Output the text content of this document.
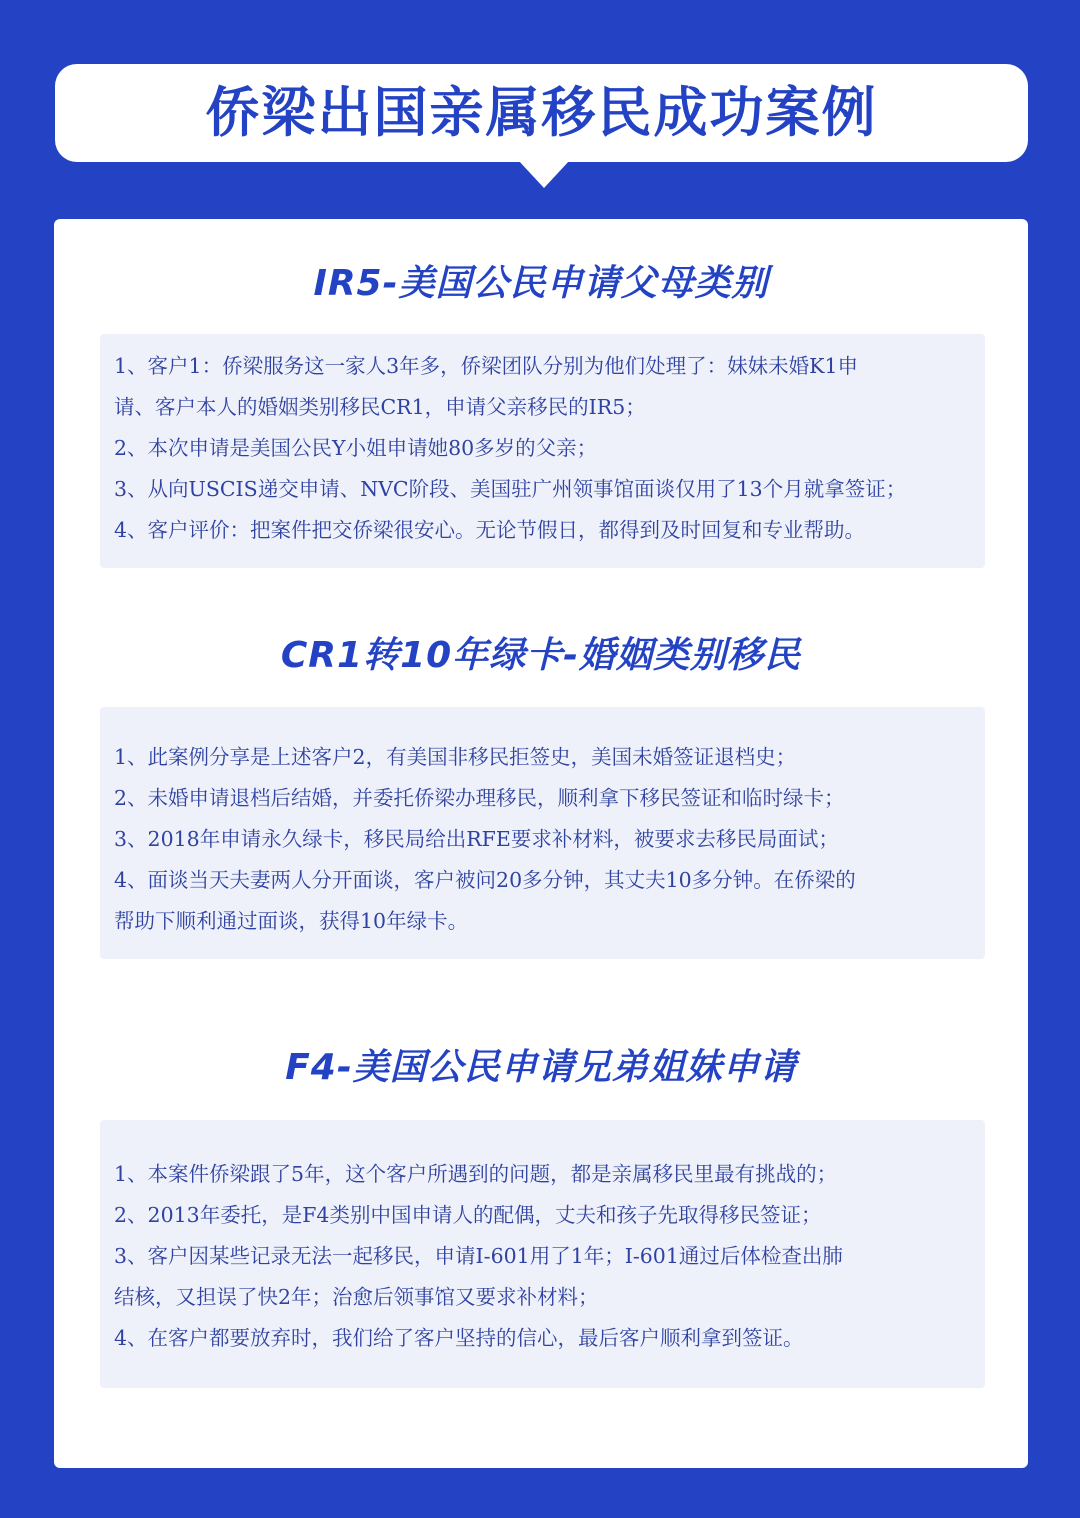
侨梁出国亲属移民成功案例
IR5-美国公民申请父母类别
1、客户1：侨梁服务这一家人3年多，侨梁团队分别为他们处理了：妹妹未婚K1申
请、客户本人的婚姻类别移民CR1，申请父亲移民的IR5；
2、本次申请是美国公民Y小姐申请她80多岁的父亲；
3、从向USCIS递交申请、NVC阶段、美国驻广州领事馆面谈仅用了13个月就拿签证；
4、客户评价：把案件把交侨梁很安心。无论节假日，都得到及时回复和专业帮助。
CR1转10年绿卡-婚姻类别移民
1、此案例分享是上述客户2，有美国非移民拒签史，美国未婚签证退档史；
2、未婚申请退档后结婚，并委托侨梁办理移民，顺利拿下移民签证和临时绿卡；
3、2018年申请永久绿卡，移民局给出RFE要求补材料，被要求去移民局面试；
4、面谈当天夫妻两人分开面谈，客户被问20多分钟，其丈夫10多分钟。在侨梁的
帮助下顺利通过面谈，获得10年绿卡。
F4-美国公民申请兄弟姐妹申请
1、本案件侨梁跟了5年，这个客户所遇到的问题，都是亲属移民里最有挑战的；
2、2013年委托，是F4类别中国申请人的配偶，丈夫和孩子先取得移民签证；
3、客户因某些记录无法一起移民，申请I-601用了1年；I-601通过后体检查出肺
结核，又担误了快2年；治愈后领事馆又要求补材料；
4、在客户都要放弃时，我们给了客户坚持的信心，最后客户顺利拿到签证。
